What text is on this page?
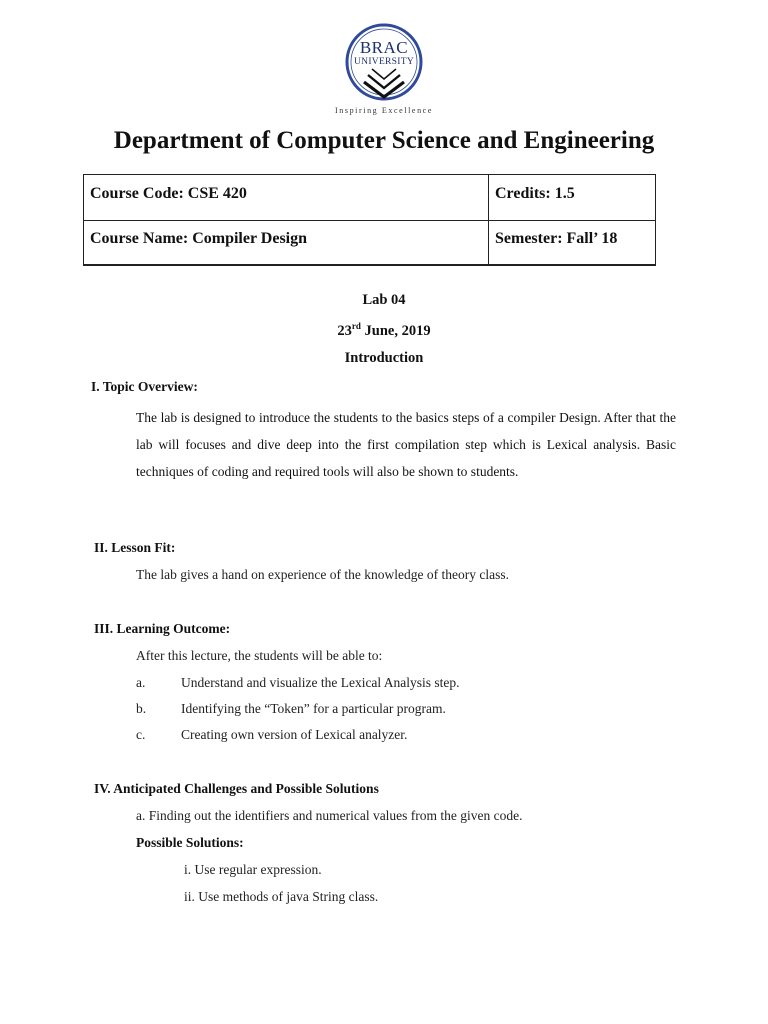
BRAC
UNIVERSITY
Inspiring Excellence
Department of Computer Science and Engineering
Course Code: CSE 420	Credits: 1.5
Course Name: Compiler Design	Semester: Fall’ 18
Lab 04
23rd June, 2019
Introduction
I. Topic Overview:
The lab is designed to introduce the students to the basics steps of a compiler Design. After that the lab will focuses and dive deep into the first compilation step which is Lexical analysis. Basic techniques of coding and required tools will also be shown to students.
II. Lesson Fit:
The lab gives a hand on experience of the knowledge of theory class.
III. Learning Outcome:
After this lecture, the students will be able to:
a.	Understand and visualize the Lexical Analysis step.
b.	Identifying the “Token” for a particular program.
c.	Creating own version of Lexical analyzer.
IV. Anticipated Challenges and Possible Solutions
a. Finding out the identifiers and numerical values from the given code.
Possible Solutions:
i. Use regular expression.
ii. Use methods of java String class.
